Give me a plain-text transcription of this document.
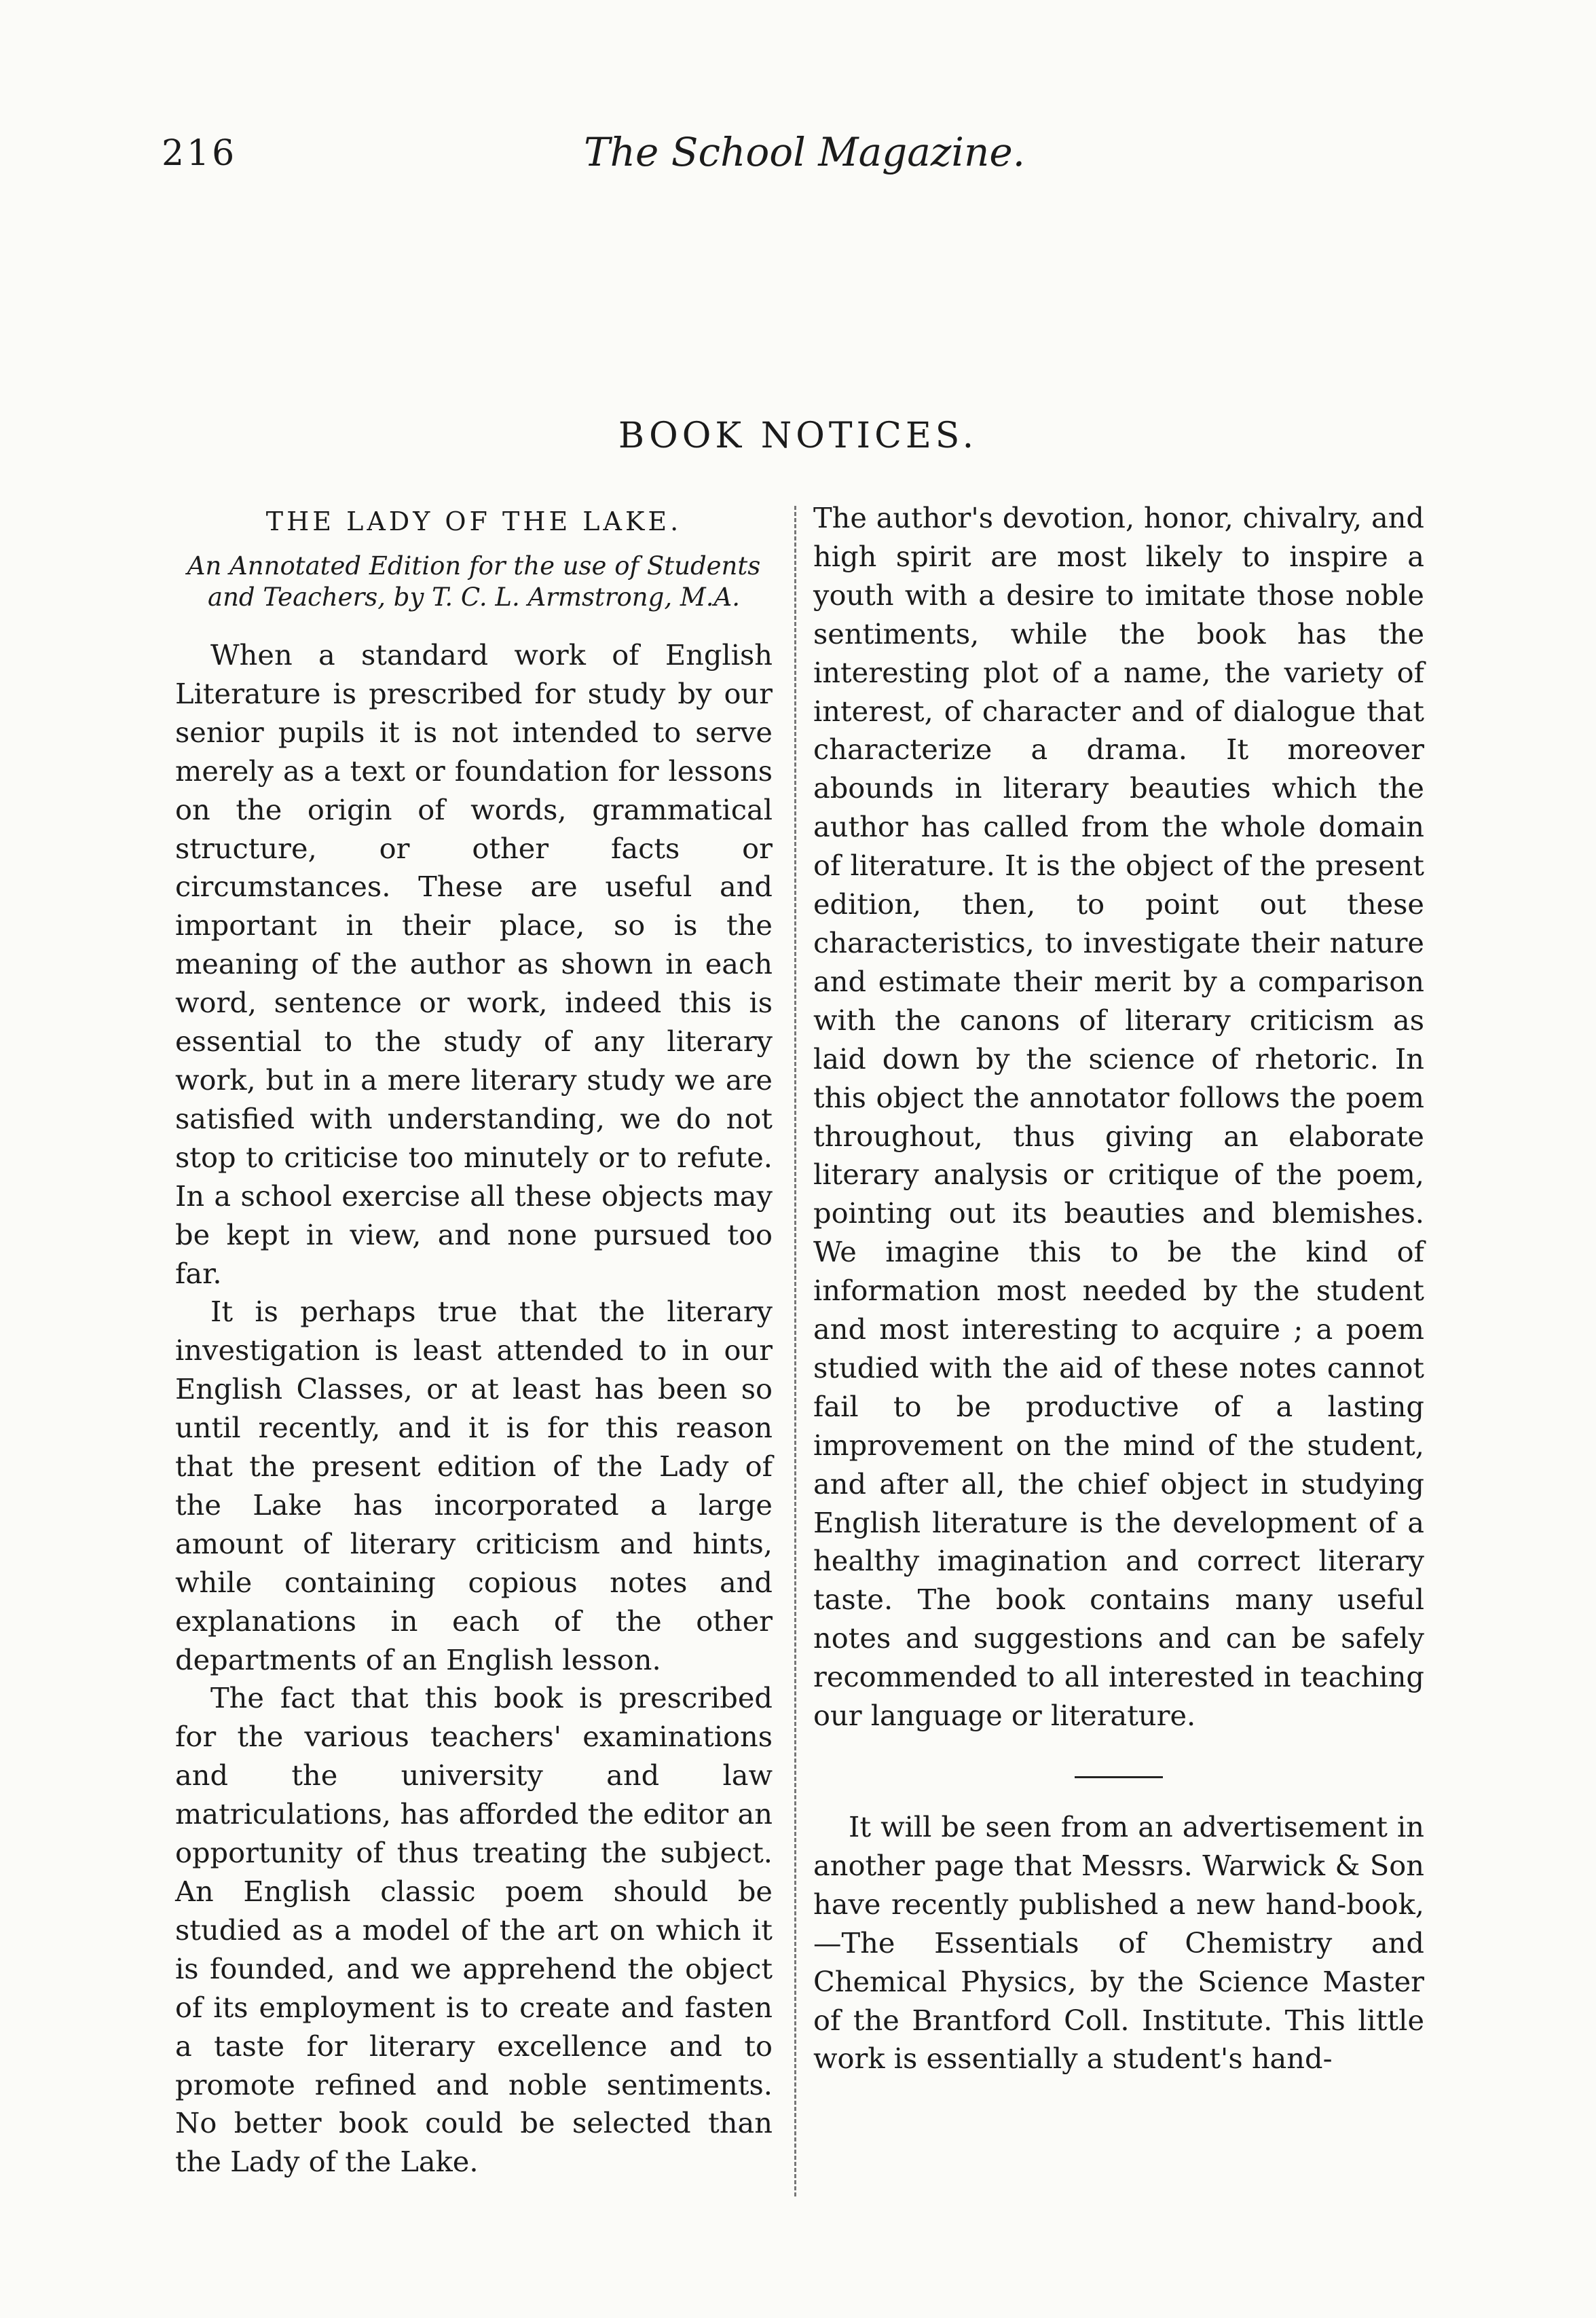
216	The School Magazine.
BOOK NOTICES.
THE LADY OF THE LAKE.
An Annotated Edition for the use of Students and Teachers, by T. C. L. Armstrong, M.A.

When a standard work of English Literature is prescribed for study by our senior pupils it is not intended to serve merely as a text or foundation for lessons on the origin of words, grammatical structure, or other facts or circumstances. These are useful and important in their place, so is the meaning of the author as shown in each word, sentence or work, indeed this is essential to the study of any literary work, but in a mere literary study we are satisfied with understanding, we do not stop to criticise too minutely or to refute. In a school exercise all these objects may be kept in view, and none pursued too far.

It is perhaps true that the literary investigation is least attended to in our English Classes, or at least has been so until recently, and it is for this reason that the present edition of the Lady of the Lake has incorporated a large amount of literary criticism and hints, while containing copious notes and explanations in each of the other departments of an English lesson.

The fact that this book is prescribed for the various teachers' examinations and the university and law matriculations, has afforded the editor an opportunity of thus treating the subject. An English classic poem should be studied as a model of the art on which it is founded, and we apprehend the object of its employment is to create and fasten a taste for literary excellence and to promote refined and noble sentiments. No better book could be selected than the Lady of the Lake.

The author's devotion, honor, chivalry, and high spirit are most likely to inspire a youth with a desire to imitate those noble sentiments, while the book has the interesting plot of a name, the variety of interest, of character and of dialogue that characterize a drama. It moreover abounds in literary beauties which the author has called from the whole domain of literature. It is the object of the present edition, then, to point out these characteristics, to investigate their nature and estimate their merit by a comparison with the canons of literary criticism as laid down by the science of rhetoric. In this object the annotator follows the poem throughout, thus giving an elaborate literary analysis or critique of the poem, pointing out its beauties and blemishes. We imagine this to be the kind of information most needed by the student and most interesting to acquire ; a poem studied with the aid of these notes cannot fail to be productive of a lasting improvement on the mind of the student, and after all, the chief object in studying English literature is the development of a healthy imagination and correct literary taste. The book contains many useful notes and suggestions and can be safely recommended to all interested in teaching our language or literature.

It will be seen from an advertisement in another page that Messrs. Warwick & Son have recently published a new hand-book,—The Essentials of Chemistry and Chemical Physics, by the Science Master of the Brantford Coll. Institute. This little work is essentially a student's hand-
